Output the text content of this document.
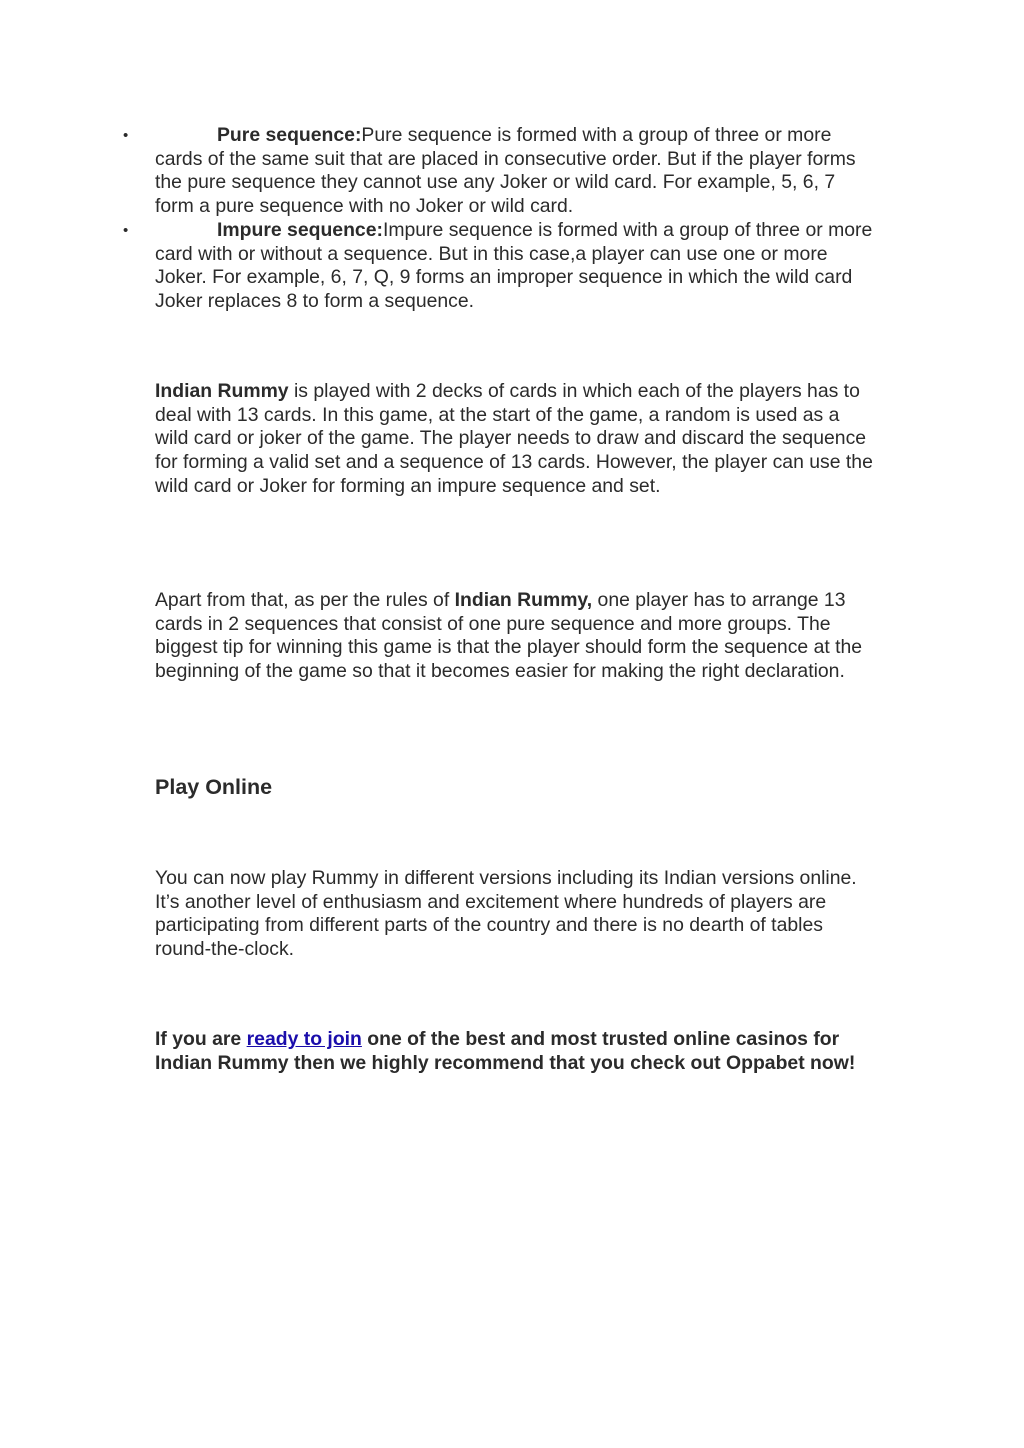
•	Pure sequence:Pure sequence is formed with a group of three or more cards of the same suit that are placed in consecutive order. But if the player forms the pure sequence they cannot use any Joker or wild card. For example, 5, 6, 7 form a pure sequence with no Joker or wild card.
•	Impure sequence:Impure sequence is formed with a group of three or more card with or without a sequence. But in this case,a player can use one or more Joker. For example, 6, 7, Q, 9 forms an improper sequence in which the wild card Joker replaces 8 to form a sequence.
Indian Rummy is played with 2 decks of cards in which each of the players has to deal with 13 cards. In this game, at the start of the game, a random is used as a wild card or joker of the game. The player needs to draw and discard the sequence for forming a valid set and a sequence of 13 cards. However, the player can use the wild card or Joker for forming an impure sequence and set.
Apart from that, as per the rules of Indian Rummy, one player has to arrange 13 cards in 2 sequences that consist of one pure sequence and more groups. The biggest tip for winning this game is that the player should form the sequence at the beginning of the game so that it becomes easier for making the right declaration.
Play Online
You can now play Rummy in different versions including its Indian versions online. It’s another level of enthusiasm and excitement where hundreds of players are participating from different parts of the country and there is no dearth of tables round-the-clock.
If you are ready to join one of the best and most trusted online casinos for Indian Rummy then we highly recommend that you check out Oppabet now!
